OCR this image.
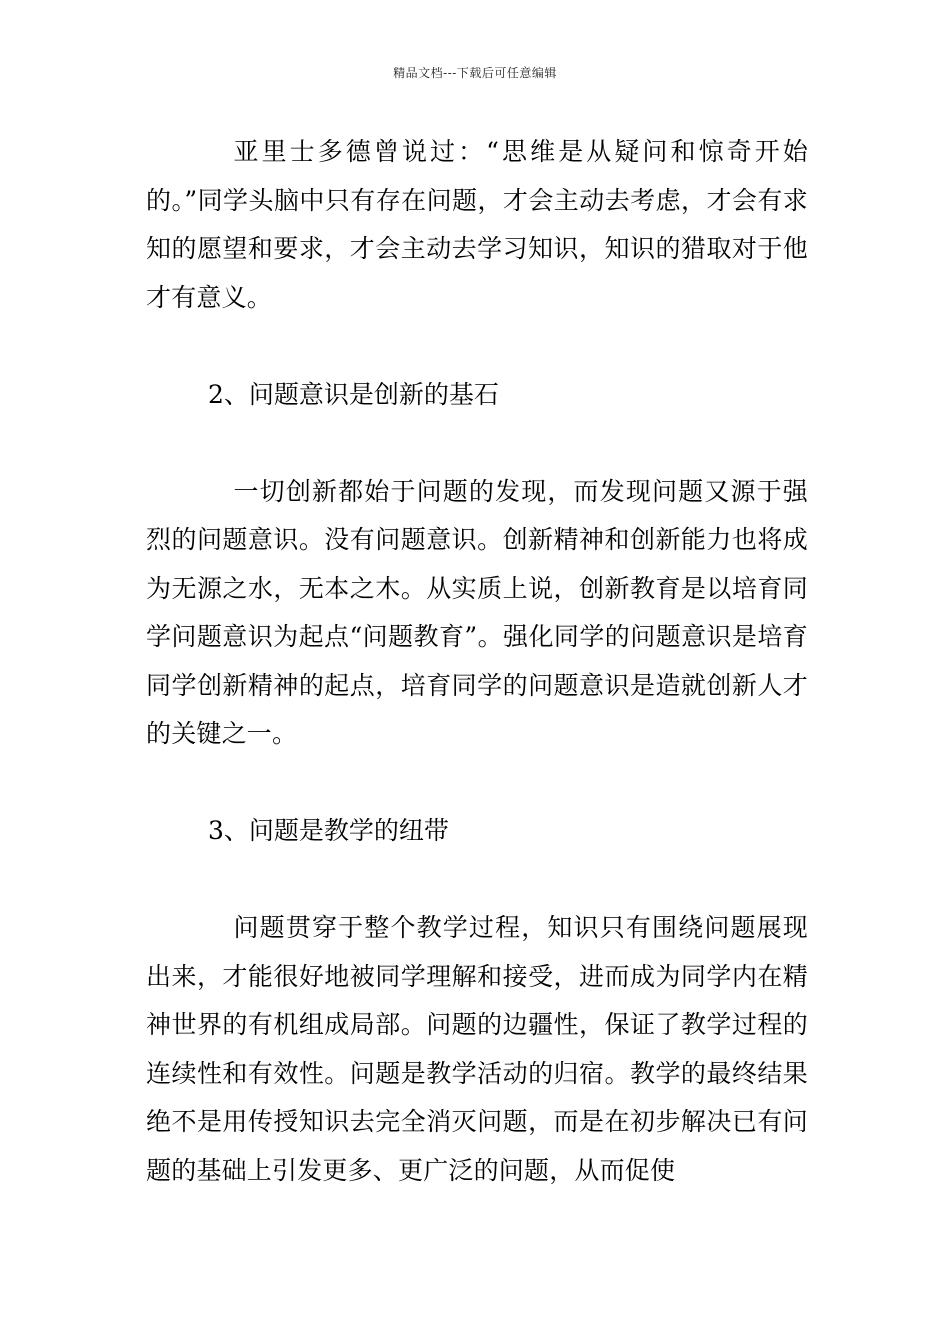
精品文档---下载后可任意编辑

亚里士多德曾说过：“思维是从疑问和惊奇开始的。”同学头脑中只有存在问题，才会主动去考虑，才会有求知的愿望和要求，才会主动去学习知识，知识的猎取对于他才有意义。

2、问题意识是创新的基石

一切创新都始于问题的发现，而发现问题又源于强烈的问题意识。没有问题意识。创新精神和创新能力也将成为无源之水，无本之木。从实质上说，创新教育是以培育同学问题意识为起点“问题教育”。强化同学的问题意识是培育同学创新精神的起点，培育同学的问题意识是造就创新人才的关键之一。

3、问题是教学的纽带

问题贯穿于整个教学过程，知识只有围绕问题展现出来，才能很好地被同学理解和接受，进而成为同学内在精神世界的有机组成局部。问题的边疆性，保证了教学过程的连续性和有效性。问题是教学活动的归宿。教学的最终结果绝不是用传授知识去完全消灭问题，而是在初步解决已有问题的基础上引发更多、更广泛的问题，从而促使
